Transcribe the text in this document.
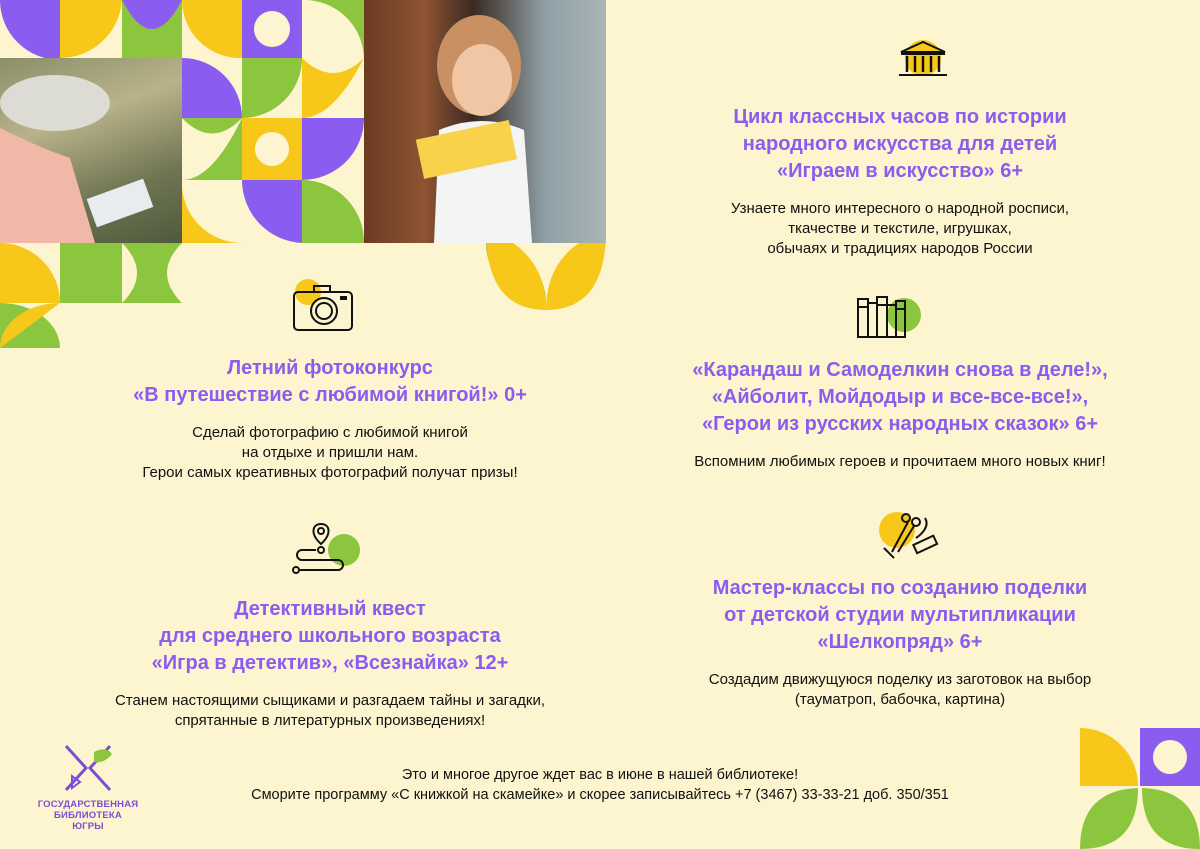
Цикл классных часов по истории
народного искусства для детей
«Играем в искусство» 6+
Узнаете много интересного о народной росписи,
ткачестве и текстиле, игрушках,
обычаях и традициях народов России
Летний фотоконкурс
«В путешествие с любимой книгой!» 0+
Сделай фотографию с любимой книгой
на отдыхе и пришли нам.
Герои самых креативных фотографий получат призы!
«Карандаш и Самоделкин снова в деле!»,
«Айболит, Мойдодыр и все-все-все!»,
«Герои из русских народных сказок» 6+
Вспомним любимых героев и прочитаем много новых книг!
Детективный квест
для среднего школьного возраста
«Игра в детектив», «Всезнайка» 12+
Станем настоящими сыщиками и разгадаем тайны и загадки,
спрятанные в литературных произведениях!
Мастер-классы по созданию поделки
от детской студии мультипликации
«Шелкопряд» 6+
Создадим движущуюся поделку из заготовок на выбор
(тауматроп, бабочка, картина)
Это и многое другое ждет вас в июне в нашей библиотеке!
Сморите программу «С книжкой на скамейке» и скорее записывайтесь +7 (3467) 33-33-21 доб. 350/351
ГОСУДАРСТВЕННАЯ
БИБЛИОТЕКА
ЮГРЫ
